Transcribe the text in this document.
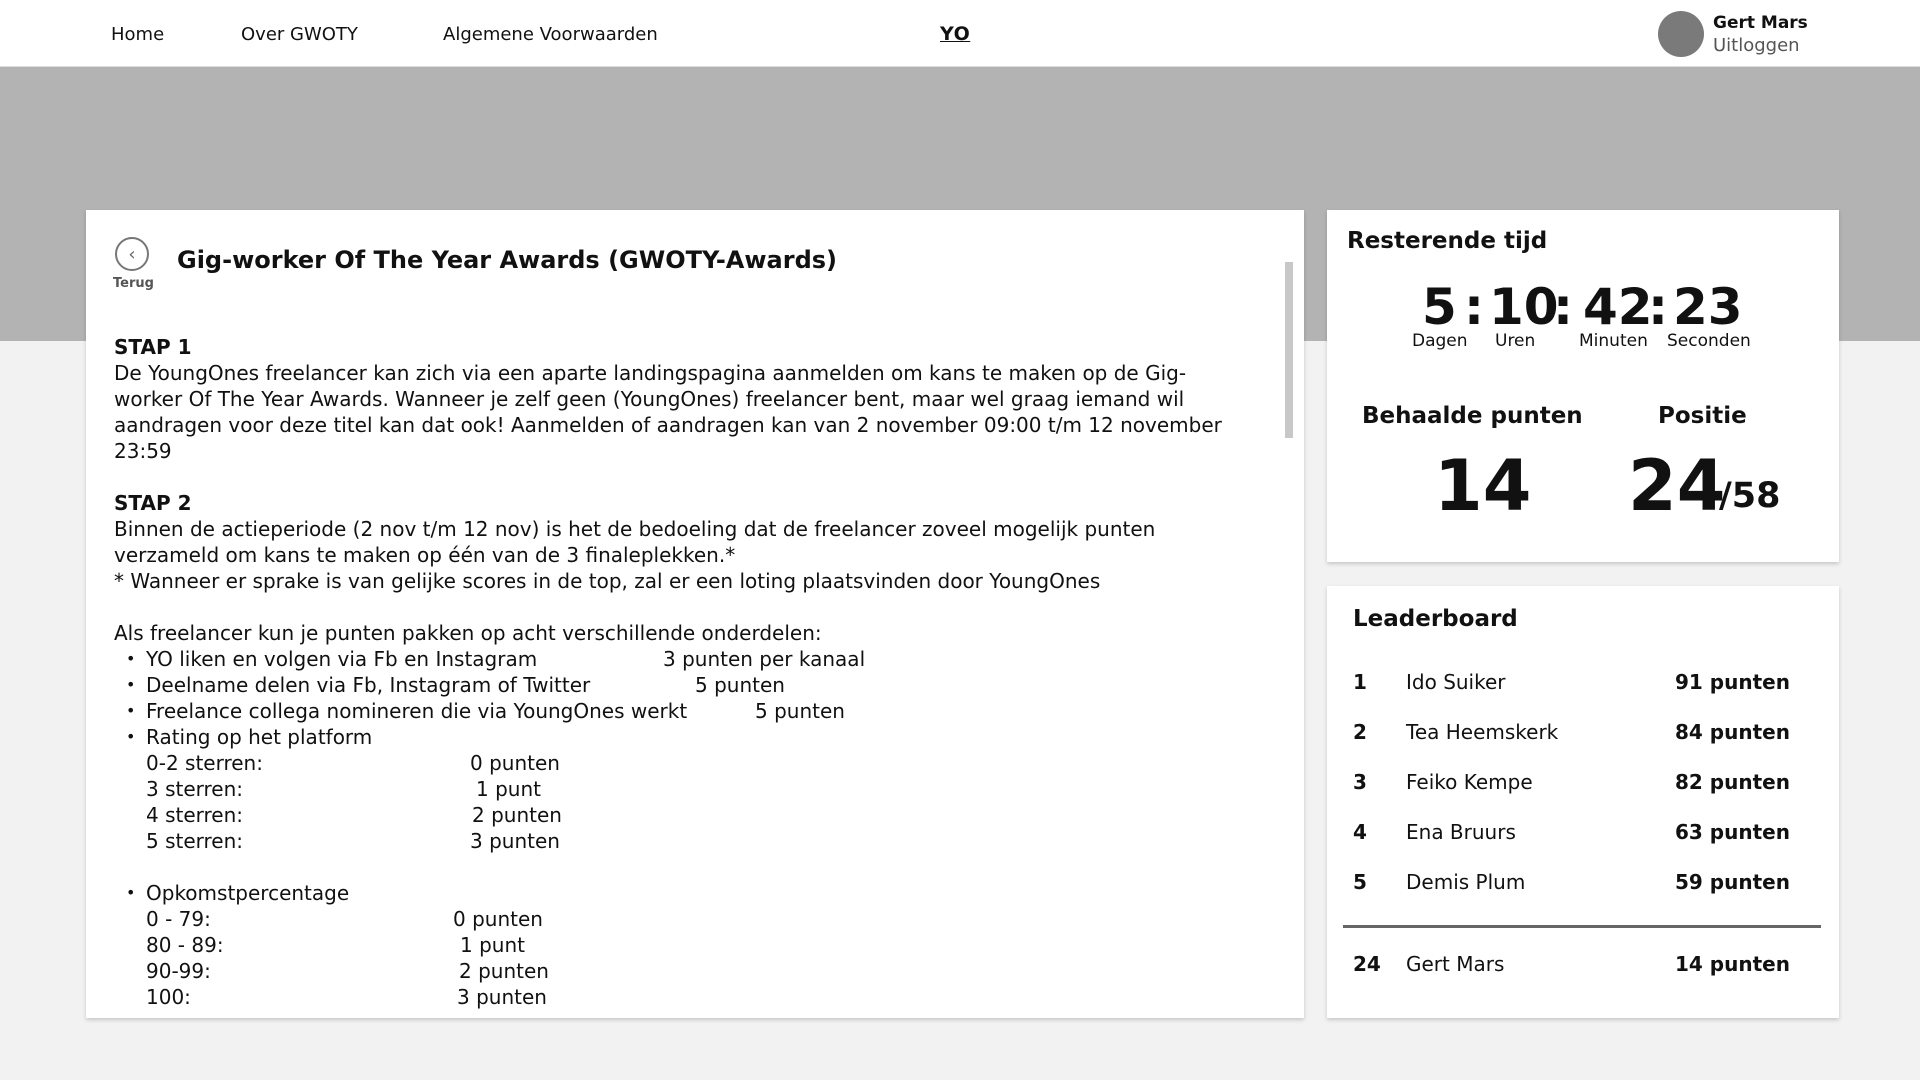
Home	Over GWOTY	Algemene Voorwaarden	YO	Gert Mars
Uitloggen
‹
Terug
Gig-worker Of The Year Awards (GWOTY-Awards)
STAP 1

De YoungOnes freelancer kan zich via een aparte landingspagina aanmelden om kans te maken op de Gig-worker Of The Year Awards. Wanneer je zelf geen (YoungOnes) freelancer bent, maar wel graag iemand wil aandragen voor deze titel kan dat ook! Aanmelden of aandragen kan van 2 november 09:00 t/m 12 november 23:59

STAP 2

Binnen de actieperiode (2 nov t/m 12 nov) is het de bedoeling dat de freelancer zoveel mogelijk punten verzameld om kans te maken op één van de 3 finaleplekken.*

* Wanneer er sprake is van gelijke scores in de top, zal er een loting plaatsvinden door YoungOnes

Als freelancer kun je punten pakken op acht verschillende onderdelen:

• YO liken en volgen via Fb en Instagram	3 punten per kanaal
• Deelname delen via Fb, Instagram of Twitter	5 punten
• Freelance collega nomineren die via YoungOnes werkt	5 punten
• Rating op het platform
0-2 sterren:	0 punten
3 sterren:	1 punt
4 sterren:	2 punten
5 sterren:	3 punten
• Opkomstpercentage
0 - 79:	0 punten
80 - 89:	1 punt
90-99:	2 punten
100:	3 punten
Resterende tijd
5 : 10
: 42
: 23
Dagen Uren	Minuten Seconden
Behaalde punten
14
Positie
24
/58
Leaderboard
1 Ido Suiker	91 punten
2 Tea Heemskerk	84 punten
3 Feiko Kempe	82 punten
4 Ena Bruurs	63 punten
5 Demis Plum	59 punten
24 Gert Mars	14 punten
